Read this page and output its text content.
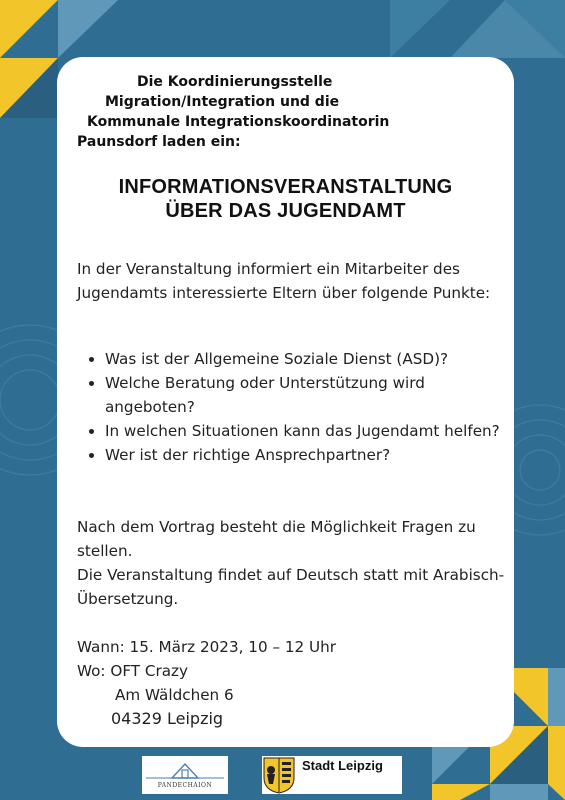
Die Koordinierungsstelle
Migration/Integration und die
Kommunale Integrationskoordinatorin
Paunsdorf laden ein:
INFORMATIONSVERANSTALTUNG
ÜBER DAS JUGENDAMT
In der Veranstaltung informiert ein Mitarbeiter des Jugendamts interessierte Eltern über folgende Punkte:
• Was ist der Allgemeine Soziale Dienst (ASD)?
• Welche Beratung oder Unterstützung wird angeboten?
• In welchen Situationen kann das Jugendamt helfen?
• Wer ist der richtige Ansprechpartner?
Nach dem Vortrag besteht die Möglichkeit Fragen zu stellen.
Die Veranstaltung findet auf Deutsch statt mit Arabisch-Übersetzung.
Wann: 15. März 2023, 10 – 12 Uhr
Wo: OFT Crazy
Am Wäldchen 6
04329 Leipzig
PANDECHAION
Stadt Leipzig
